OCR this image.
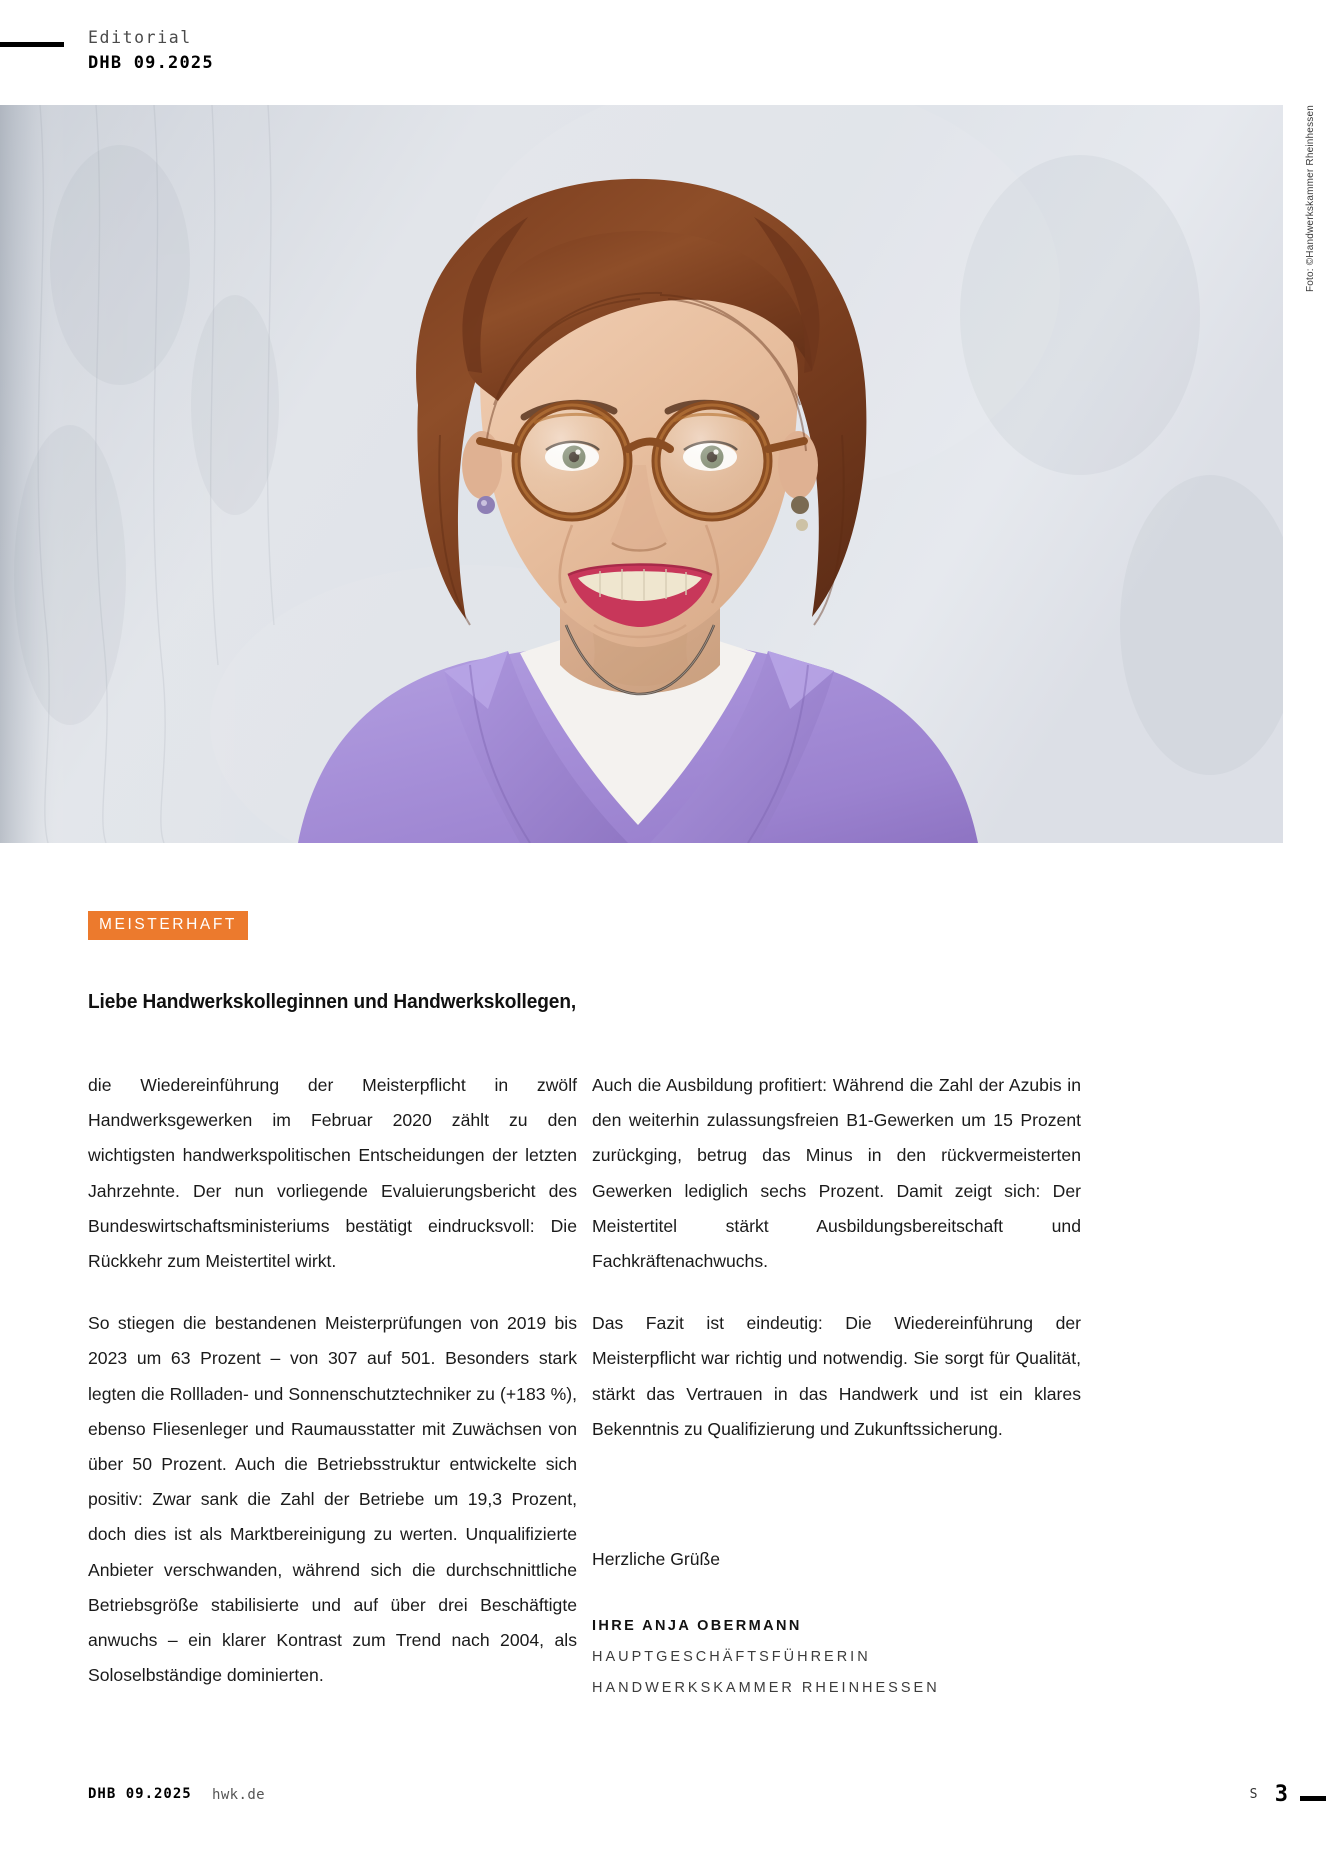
Editorial
DHB 09.2025
Foto: ©Handwerkskammer Rheinhessen
MEISTERHAFT
Liebe Handwerkskolleginnen und Handwerkskollegen,

die Wiedereinführung der Meisterpflicht in zwölf Handwerksgewerken im Februar 2020 zählt zu den wichtigsten handwerkspolitischen Entscheidungen der letzten Jahrzehnte. Der nun vorliegende Evaluierungsbericht des Bundeswirtschaftsministeriums bestätigt eindrucksvoll: Die Rückkehr zum Meistertitel wirkt.

So stiegen die bestandenen Meisterprüfungen von 2019 bis 2023 um 63 Prozent – von 307 auf 501. Besonders stark legten die Rollladen- und Sonnenschutztechniker zu (+183 %), ebenso Fliesenleger und Raumausstatter mit Zuwächsen von über 50 Prozent. Auch die Betriebsstruktur entwickelte sich positiv: Zwar sank die Zahl der Betriebe um 19,3 Prozent, doch dies ist als Marktbereinigung zu werten. Unqualifizierte Anbieter verschwanden, während sich die durchschnittliche Betriebsgröße stabilisierte und auf über drei Beschäftigte anwuchs – ein klarer Kontrast zum Trend nach 2004, als Soloselbständige dominierten.

Auch die Ausbildung profitiert: Während die Zahl der Azubis in den weiterhin zulassungsfreien B1-Gewerken um 15 Prozent zurückging, betrug das Minus in den rückvermeisterten Gewerken lediglich sechs Prozent. Damit zeigt sich: Der Meistertitel stärkt Ausbildungsbereitschaft und Fachkräftenachwuchs.

Das Fazit ist eindeutig: Die Wiedereinführung der Meisterpflicht war richtig und notwendig. Sie sorgt für Qualität, stärkt das Vertrauen in das Handwerk und ist ein klares Bekenntnis zu Qualifizierung und Zukunftssicherung.

Herzliche Grüße
IHRE ANJA OBERMANN
HAUPTGESCHÄFTSFÜHRERIN
HANDWERKSKAMMER RHEINHESSEN
DHB 09.2025 hwk.de	S 3
